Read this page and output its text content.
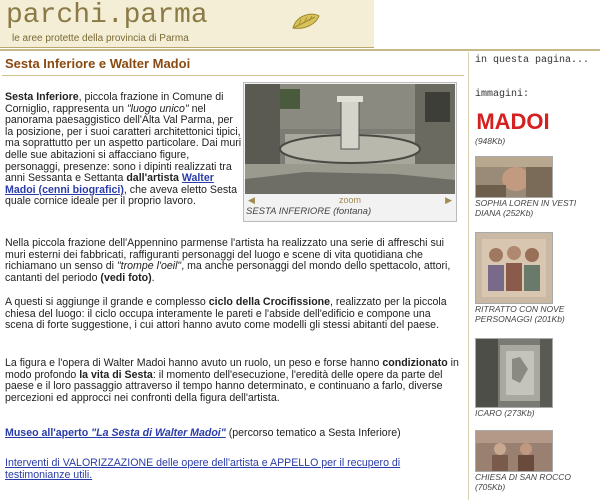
parchi.parma
le aree protette della provincia di Parma
Sesta Inferiore e Walter Madoi
◀	zoom	▶
SESTA INFERIORE (fontana)
Sesta Inferiore, piccola frazione in Comune di Corniglio, rappresenta un "luogo unico" nel panorama paesaggistico dell'Alta Val Parma, per la posizione, per i suoi caratteri architettonici tipici, ma soprattutto per un aspetto particolare. Dai muri delle sue abitazioni si affacciano figure, personaggi, presenze: sono i dipinti realizzati tra anni Sessanta e Settanta dall'artista Walter Madoi (cenni biografici), che aveva eletto Sesta quale cornice ideale per il proprio lavoro.
Nella piccola frazione dell'Appennino parmense l'artista ha realizzato una serie di affreschi sui muri esterni dei fabbricati, raffiguranti personaggi del luogo e scene di vita quotidiana che richiamano un senso di "trompe l'oeil", ma anche personaggi del mondo dello spettacolo, attori, cantanti del periodo (vedi foto).
A questi si aggiunge il grande e complesso ciclo della Crocifissione, realizzato per la piccola chiesa del luogo: il ciclo occupa interamente le pareti e l'abside dell'edificio e compone una scena di forte suggestione, i cui attori hanno avuto come modelli gli stessi abitanti del paese.
La figura e l'opera di Walter Madoi hanno avuto un ruolo, un peso e forse hanno condizionato in modo profondo la vita di Sesta: il momento dell'esecuzione, l'eredità delle opere da parte del paese e il loro passaggio attraverso il tempo hanno determinato, e continuano a farlo, diverse percezioni ed approcci nei confronti della figura dell'artista.
Museo all'aperto "La Sesta di Walter Madoi" (percorso tematico a Sesta Inferiore)
Interventi di VALORIZZAZIONE delle opere dell'artista e APPELLO per il recupero di testimonianze utili.
in questa pagina...
immagini:
MADOI
(948Kb)
SOPHIA LOREN IN VESTI DIANA (252Kb)
RITRATTO CON NOVE PERSONAGGI (201Kb)
ICARO (273Kb)
CHIESA DI SAN ROCCO (705Kb)
